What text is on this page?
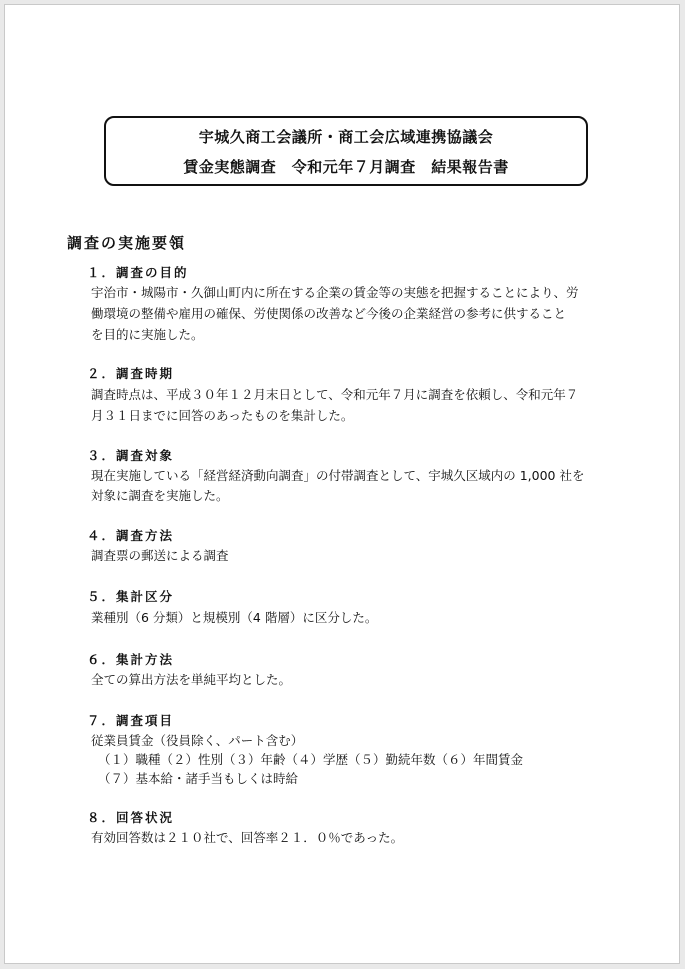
宇城久商工会議所・商工会広域連携協議会
賃金実態調査　令和元年７月調査　結果報告書
調査の実施要領
１．調査の目的
宇治市・城陽市・久御山町内に所在する企業の賃金等の実態を把握することにより、労
働環境の整備や雇用の確保、労使関係の改善など今後の企業経営の参考に供すること
を目的に実施した。
２．調査時期
調査時点は、平成３０年１２月末日として、令和元年７月に調査を依頼し、令和元年７
月３１日までに回答のあったものを集計した。
３．調査対象
現在実施している「経営経済動向調査」の付帯調査として、宇城久区域内の 1,000 社を
対象に調査を実施した。
４．調査方法
調査票の郵送による調査
５．集計区分
業種別（6 分類）と規模別（4 階層）に区分した。
６．集計方法
全ての算出方法を単純平均とした。
７．調査項目
従業員賃金（役員除く、パート含む）
（１）職種（２）性別（３）年齢（４）学歴（５）勤続年数（６）年間賃金
（７）基本給・諸手当もしくは時給
８．回答状況
有効回答数は２１０社で、回答率２１．０％であった。
